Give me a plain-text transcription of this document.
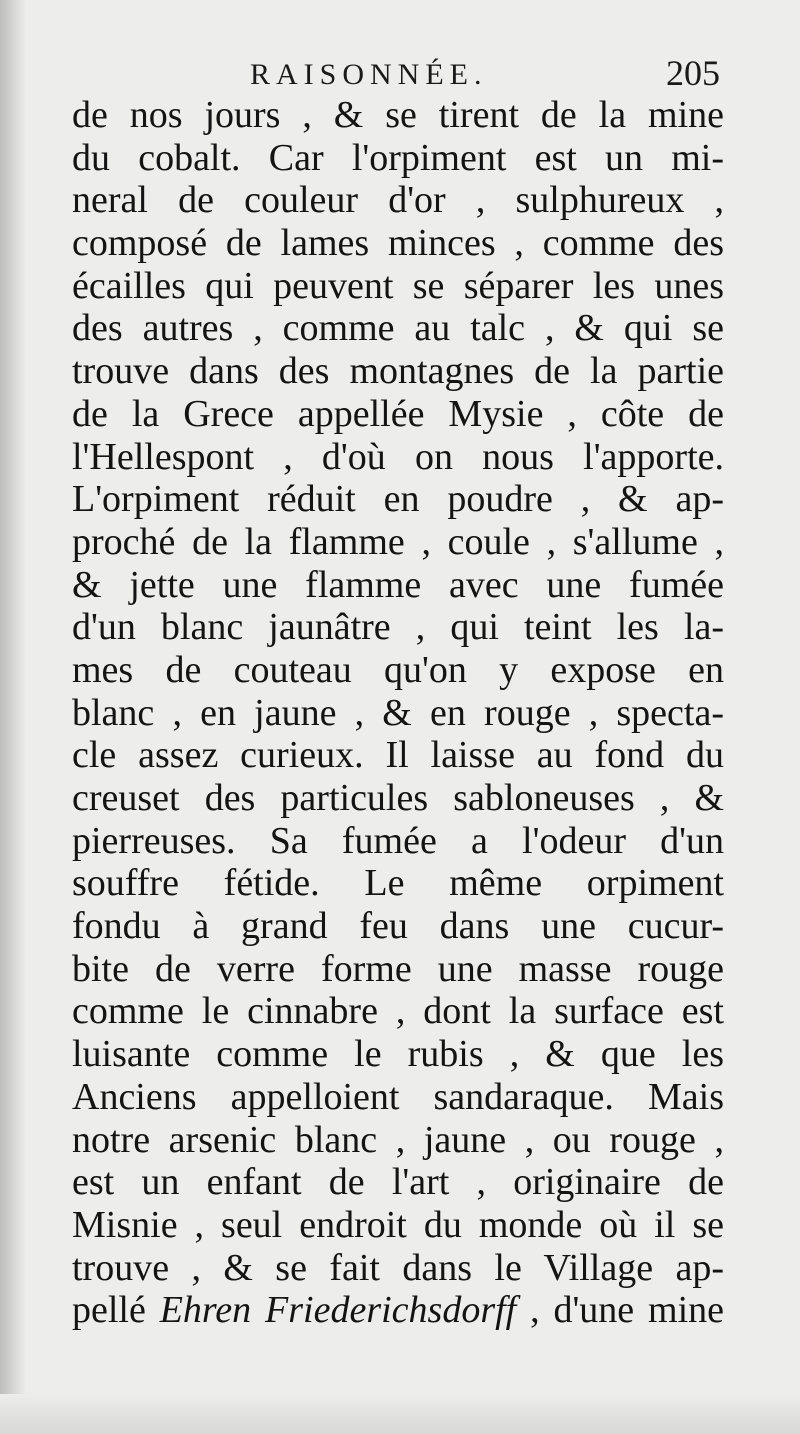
RAISONNÉE.	205
de nos jours , & se tirent de la mine
du cobalt. Car l'orpiment est un mi-
neral de couleur d'or , sulphureux ,
composé de lames minces , comme des
écailles qui peuvent se séparer les unes
des autres , comme au talc , & qui se
trouve dans des montagnes de la partie
de la Grece appellée Mysie , côte de
l'Hellespont , d'où on nous l'apporte.
L'orpiment réduit en poudre , & ap-
proché de la flamme , coule , s'allume ,
& jette une flamme avec une fumée
d'un blanc jaunâtre , qui teint les la-
mes de couteau qu'on y expose en
blanc , en jaune , & en rouge , specta-
cle assez curieux. Il laisse au fond du
creuset des particules sabloneuses , &
pierreuses. Sa fumée a l'odeur d'un
souffre fétide. Le même orpiment
fondu à grand feu dans une cucur-
bite de verre forme une masse rouge
comme le cinnabre , dont la surface est
luisante comme le rubis , & que les
Anciens appelloient sandaraque. Mais
notre arsenic blanc , jaune , ou rouge ,
est un enfant de l'art , originaire de
Misnie , seul endroit du monde où il se
trouve , & se fait dans le Village ap-
pellé Ehren Friederichsdorff , d'une mine
